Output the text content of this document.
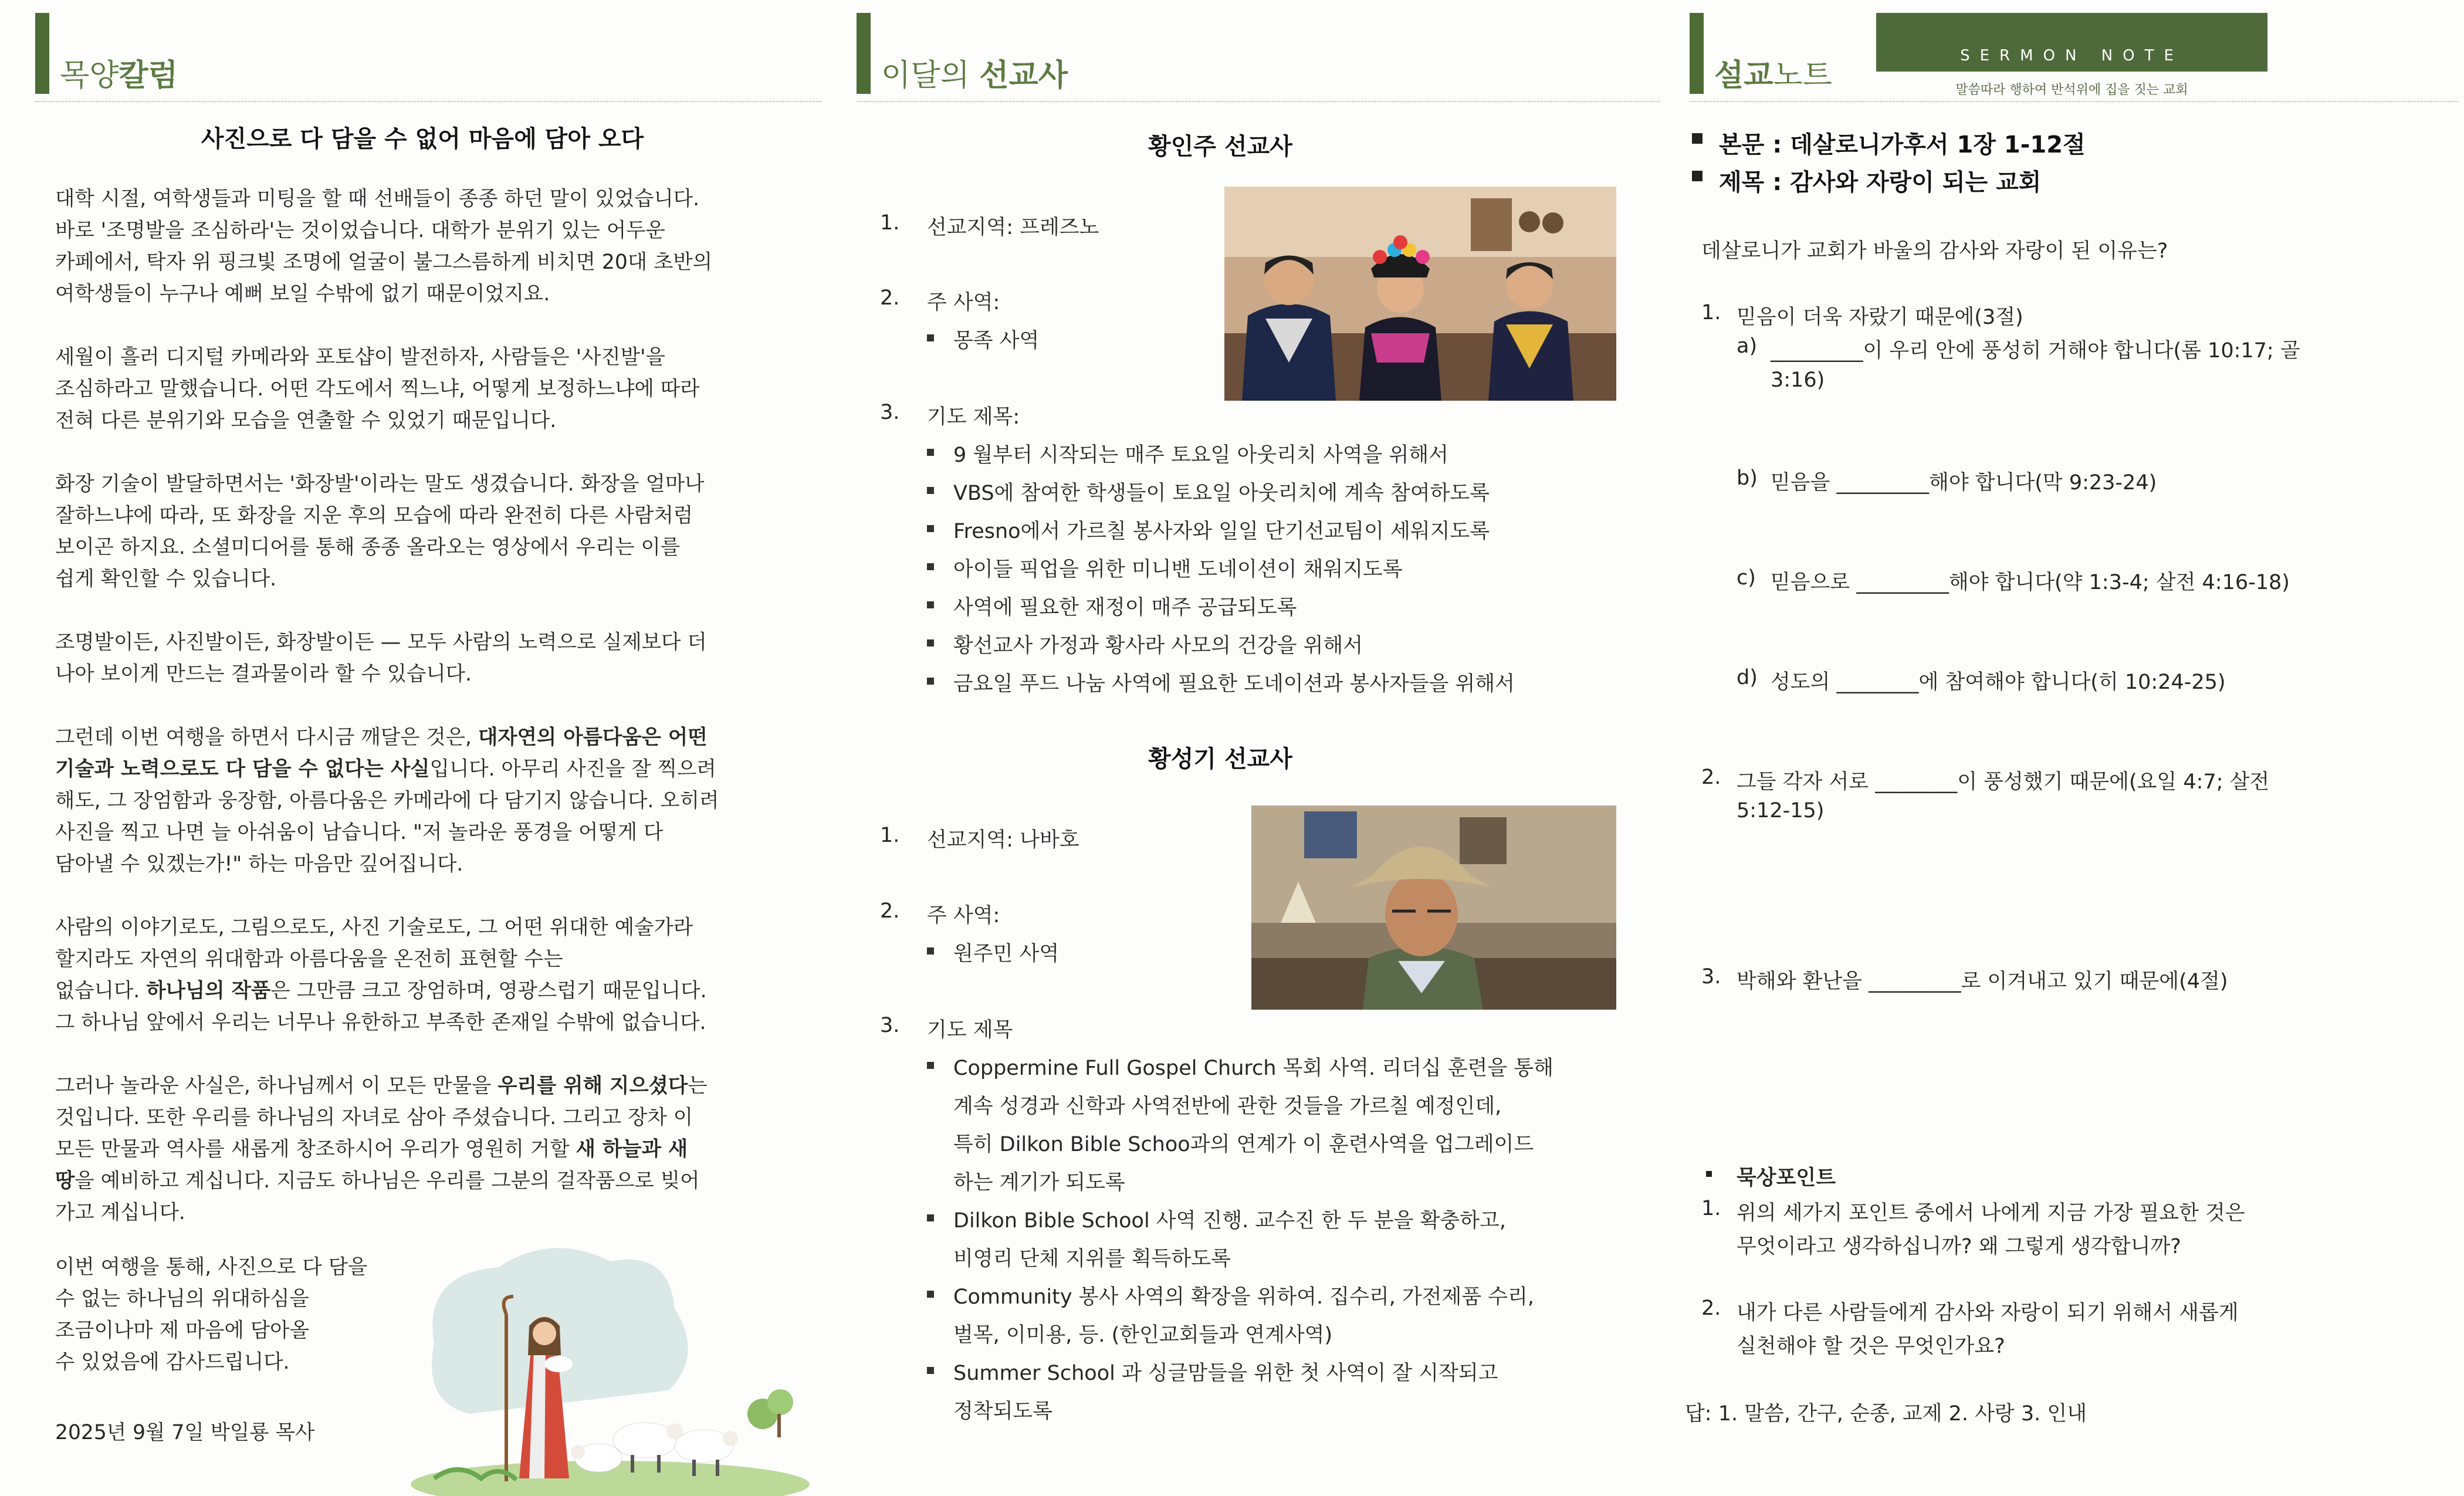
목양칼럼
사진으로 다 담을 수 없어 마음에 담아 오다

대학 시절, 여학생들과 미팅을 할 때 선배들이 종종 하던 말이 있었습니다.
바로 '조명발을 조심하라'는 것이었습니다. 대학가 분위기 있는 어두운
카페에서, 탁자 위 핑크빛 조명에 얼굴이 불그스름하게 비치면 20대 초반의
여학생들이 누구나 예뻐 보일 수밖에 없기 때문이었지요.

세월이 흘러 디지털 카메라와 포토샵이 발전하자, 사람들은 '사진발'을
조심하라고 말했습니다. 어떤 각도에서 찍느냐, 어떻게 보정하느냐에 따라
전혀 다른 분위기와 모습을 연출할 수 있었기 때문입니다.

화장 기술이 발달하면서는 '화장발'이라는 말도 생겼습니다. 화장을 얼마나
잘하느냐에 따라, 또 화장을 지운 후의 모습에 따라 완전히 다른 사람처럼
보이곤 하지요. 소셜미디어를 통해 종종 올라오는 영상에서 우리는 이를
쉽게 확인할 수 있습니다.

조명발이든, 사진발이든, 화장발이든 — 모두 사람의 노력으로 실제보다 더
나아 보이게 만드는 결과물이라 할 수 있습니다.

그런데 이번 여행을 하면서 다시금 깨달은 것은, 대자연의 아름다움은 어떤
기술과 노력으로도 다 담을 수 없다는 사실입니다. 아무리 사진을 잘 찍으려
해도, 그 장엄함과 웅장함, 아름다움은 카메라에 다 담기지 않습니다. 오히려
사진을 찍고 나면 늘 아쉬움이 남습니다. "저 놀라운 풍경을 어떻게 다
담아낼 수 있겠는가!" 하는 마음만 깊어집니다.

사람의 이야기로도, 그림으로도, 사진 기술로도, 그 어떤 위대한 예술가라
할지라도 자연의 위대함과 아름다움을 온전히 표현할 수는
없습니다. 하나님의 작품은 그만큼 크고 장엄하며, 영광스럽기 때문입니다.
그 하나님 앞에서 우리는 너무나 유한하고 부족한 존재일 수밖에 없습니다.

그러나 놀라운 사실은, 하나님께서 이 모든 만물을 우리를 위해 지으셨다는
것입니다. 또한 우리를 하나님의 자녀로 삼아 주셨습니다. 그리고 장차 이
모든 만물과 역사를 새롭게 창조하시어 우리가 영원히 거할 새 하늘과 새
땅을 예비하고 계십니다. 지금도 하나님은 우리를 그분의 걸작품으로 빚어
가고 계십니다.

이번 여행을 통해, 사진으로 다 담을

수 없는 하나님의 위대하심을

조금이나마 제 마음에 담아올

수 있었음에 감사드립니다.

2025년 9월 7일 박일룡 목사
이달의 선교사
황인주 선교사
1. 선교지역: 프레즈노
2. 주 사역:
몽족 사역
3. 기도 제목:
9 월부터 시작되는 매주 토요일 아웃리치 사역을 위해서
VBS에 참여한 학생들이 토요일 아웃리치에 계속 참여하도록
Fresno에서 가르칠 봉사자와 일일 단기선교팀이 세워지도록
아이들 픽업을 위한 미니밴 도네이션이 채워지도록
사역에 필요한 재정이 매주 공급되도록
황선교사 가정과 황사라 사모의 건강을 위해서
금요일 푸드 나눔 사역에 필요한 도네이션과 봉사자들을 위해서
황성기 선교사
1. 선교지역: 나바호
2. 주 사역:
원주민 사역
3. 기도 제목
Coppermine Full Gospel Church 목회 사역. 리더십 훈련을 통해
계속 성경과 신학과 사역전반에 관한 것들을 가르칠 예정인데,
특히 Dilkon Bible Schoo과의 연계가 이 훈련사역을 업그레이드
하는 계기가 되도록
Dilkon Bible School 사역 진행. 교수진 한 두 분을 확충하고,
비영리 단체 지위를 획득하도록
Community 봉사 사역의 확장을 위하여. 집수리, 가전제품 수리,
벌목, 이미용, 등. (한인교회들과 연계사역)
Summer School 과 싱글맘들을 위한 첫 사역이 잘 시작되고
정착되도록
설교노트
SERMON NOTE
말씀따라 행하여 반석위에 집을 짓는 교회
본문 : 데살로니가후서 1장 1-12절
제목 : 감사와 자랑이 되는 교회
데살로니가 교회가 바울의 감사와 자랑이 된 이유는?
1. 믿음이 더욱 자랐기 때문에(3절)
a) _________이 우리 안에 풍성히 거해야 합니다(롬 10:17; 골
3:16)
b) 믿음을 _________해야 합니다(막 9:23-24)
c) 믿음으로 _________해야 합니다(약 1:3-4; 살전 4:16-18)
d) 성도의 ________에 참여해야 합니다(히 10:24-25)
2. 그들 각자 서로 ________이 풍성했기 때문에(요일 4:7; 살전
5:12-15)
3. 박해와 환난을 _________로 이겨내고 있기 때문에(4절)
묵상포인트
1. 위의 세가지 포인트 중에서 나에게 지금 가장 필요한 것은
무엇이라고 생각하십니까? 왜 그렇게 생각합니까?
2. 내가 다른 사람들에게 감사와 자랑이 되기 위해서 새롭게
실천해야 할 것은 무엇인가요?
답: 1. 말씀, 간구, 순종, 교제 2. 사랑 3. 인내
